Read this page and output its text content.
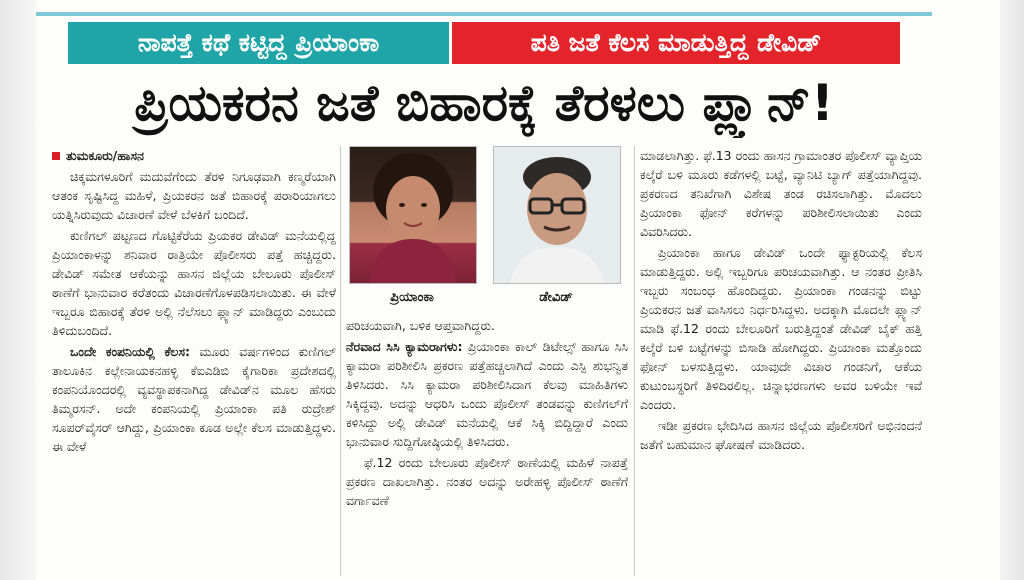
ನಾಪತ್ತೆ ಕಥೆ ಕಟ್ಟಿದ್ದ ಪ್ರಿಯಾಂಕಾ	ಪತಿ ಜತೆ ಕೆಲಸ ಮಾಡುತ್ತಿದ್ದ ಡೇವಿಡ್
ಪ್ರಿಯಕರನ ಜತೆ ಬಿಹಾರಕ್ಕೆ ತೆರಳಲು ಪ್ಲ್ಯಾನ್!
ತುಮಕೂರು/ಹಾಸನ

ಚಿಕ್ಕಮಗಳೂರಿಗೆ ಮದುವೆಗೆಂದು ತೆರಳಿ ನಿಗೂಢವಾಗಿ ಕಣ್ಮರೆಯಾಗಿ ಆತಂಕ ಸೃಷ್ಟಿಸಿದ್ದ ಮಹಿಳೆ, ಪ್ರಿಯಕರನ ಜತೆ ಬಿಹಾರಕ್ಕೆ ಪರಾರಿಯಾಗಲು ಯತ್ನಿಸಿರುವುದು ವಿಚಾರಣೆ ವೇಳೆ ಬೆಳಕಿಗೆ ಬಂದಿದೆ.

ಕುಣಿಗಲ್ ಪಟ್ಟಣದ ಗೊಟ್ಟಿಕೆರೆಯ ಪ್ರಿಯಕರ ಡೇವಿಡ್ ಮನೆಯಲ್ಲಿದ್ದ ಪ್ರಿಯಾಂಕಾಳನ್ನು ಶನಿವಾರ ರಾತ್ರಿಯೇ ಪೊಲೀಸರು ಪತ್ತೆ ಹಚ್ಚಿದ್ದರು. ಡೇವಿಡ್ ಸಮೇತ ಆಕೆಯನ್ನು ಹಾಸನ ಜಿಲ್ಲೆಯ ಬೇಲೂರು ಪೊಲೀಸ್ ಠಾಣೆಗೆ ಭಾನುವಾರ ಕರೆತಂದು ವಿಚಾರಣೆಗೊಳಪಡಿಸಲಾಯಿತು. ಈ ವೇಳೆ ಇಬ್ಬರೂ ಬಿಹಾರಕ್ಕೆ ತೆರಳಿ ಅಲ್ಲಿ ನೆಲೆಸಲು ಪ್ಲ್ಯಾನ್ ಮಾಡಿದ್ದರು ಎಂಬುದು ತಿಳಿದುಬಂದಿದೆ.

ಒಂದೇ ಕಂಪನಿಯಲ್ಲಿ ಕೆಲಸ: ಮೂರು ವರ್ಷಗಳಿಂದ ಕುಣಿಗಲ್ ತಾಲೂಕಿನ ಕಲ್ಲೇನಾಯಕನಹಳ್ಳಿ ಕೆಐಎಡಿಬಿ ಕೈಗಾರಿಕಾ ಪ್ರದೇಶದಲ್ಲಿ ಕಂಪನಿಯೊಂದರಲ್ಲಿ ವ್ಯವಸ್ಥಾಪಕನಾಗಿದ್ದ ಡೇವಿಡ್‌ನ ಮೂಲ ಹೆಸರು ತಿಮ್ಮರಸನ್. ಅದೇ ಕಂಪನಿಯಲ್ಲಿ ಪ್ರಿಯಾಂಕಾ ಪತಿ ರುದ್ರೇಶ್ ಸೂಪರ್‌ವೈಸರ್ ಆಗಿದ್ದು, ಪ್ರಿಯಾಂಕಾ ಕೂಡ ಅಲ್ಲೇ ಕೆಲಸ ಮಾಡುತ್ತಿದ್ದಳು. ಈ ವೇಳೆ

ಪ್ರಿಯಾಂಕಾ	ಡೇವಿಡ್

ಪರಿಚಯವಾಗಿ, ಬಳಿಕ ಆಪ್ತವಾಗಿದ್ದರು.

ನೆರವಾದ ಸಿಸಿ ಕ್ಯಾಮರಾಗಳು: ಪ್ರಿಯಾಂಕಾ ಕಾಲ್ ಡಿಟೇಲ್ಸ್ ಹಾಗೂ ಸಿಸಿ ಕ್ಯಾಮರಾ ಪರಿಶೀಲಿಸಿ ಪ್ರಕರಣ ಪತ್ತೆಹಚ್ಚಲಾಗಿದೆ ಎಂದು ಎಸ್ಪಿ ಶುಭನ್ವಿತ ತಿಳಿಸಿದರು. ಸಿಸಿ ಕ್ಯಾಮರಾ ಪರಿಶೀಲಿಸಿದಾಗ ಕೆಲವು ಮಾಹಿತಿಗಳು ಸಿಕ್ಕಿದ್ದವು. ಅದನ್ನು ಆಧರಿಸಿ ಒಂದು ಪೊಲೀಸ್ ತಂಡವನ್ನು ಕುಣಿಗಲ್‌ಗೆ ಕಳಿಸಿದ್ದು ಅಲ್ಲಿ ಡೇವಿಡ್ ಮನೆಯಲ್ಲಿ ಆಕೆ ಸಿಕ್ಕಿ ಬಿದ್ದಿದ್ದಾರೆ ಎಂದು ಭಾನುವಾರ ಸುದ್ದಿಗೋಷ್ಠಿಯಲ್ಲಿ ತಿಳಿಸಿದರು.

ಫೆ.12 ರಂದು ಬೇಲೂರು ಪೊಲೀಸ್ ಠಾಣೆಯಲ್ಲಿ ಮಹಿಳೆ ನಾಪತ್ತೆ ಪ್ರಕರಣ ದಾಖಲಾಗಿತ್ತು. ನಂತರ ಅದನ್ನು ಅರೇಹಳ್ಳಿ ಪೊಲೀಸ್ ಠಾಣೆಗೆ ವರ್ಗಾವಣೆ

ಮಾಡಲಾಗಿತ್ತು. ಫೆ.13 ರಂದು ಹಾಸನ ಗ್ರಾಮಾಂತರ ಪೊಲೀಸ್ ವ್ಯಾಪ್ತಿಯ ಕಲ್ಕೆರೆ ಬಳಿ ಮೂರು ಕಡೆಗಳಲ್ಲಿ ಬಟ್ಟೆ, ವ್ಯಾನಿಟಿ ಬ್ಯಾಗ್ ಪತ್ತೆಯಾಗಿದ್ದವು. ಪ್ರಕರಣದ ತನಿಖೆಗಾಗಿ ವಿಶೇಷ ತಂಡ ರಚಿಸಲಾಗಿತ್ತು. ಮೊದಲು ಪ್ರಿಯಾಂಕಾ ಫೋನ್ ಕರೆಗಳನ್ನು ಪರಿಶೀಲಿಸಲಾಯಿತು ಎಂದು ವಿವರಿಸಿದರು.

ಪ್ರಿಯಾಂಕಾ ಹಾಗೂ ಡೇವಿಡ್ ಒಂದೇ ಫ್ಯಾಕ್ಟರಿಯಲ್ಲಿ ಕೆಲಸ ಮಾಡುತ್ತಿದ್ದರು. ಅಲ್ಲಿ ಇಬ್ಬರಿಗೂ ಪರಿಚಯವಾಗಿತ್ತು. ಆ ನಂತರ ಪ್ರೀತಿಸಿ ಇಬ್ಬರು ಸಂಬಂಧ ಹೊಂದಿದ್ದರು. ಪ್ರಿಯಾಂಕಾ ಗಂಡನನ್ನು ಬಿಟ್ಟು ಪ್ರಿಯಕರನ ಜತೆ ವಾಸಿಸಲು ನಿರ್ಧರಿಸಿದ್ದಳು. ಅದಕ್ಕಾಗಿ ಮೊದಲೇ ಪ್ಲ್ಯಾನ್ ಮಾಡಿ ಫೆ.12 ರಂದು ಬೇಲೂರಿಗೆ ಬರುತ್ತಿದ್ದಂತೆ ಡೇವಿಡ್ ಬೈಕ್ ಹತ್ತಿ ಕಲ್ಕೆರೆ ಬಳಿ ಬಟ್ಟೆಗಳನ್ನು ಬಿಸಾಡಿ ಹೋಗಿದ್ದರು. ಪ್ರಿಯಾಂಕಾ ಮತ್ತೊಂದು ಫೋನ್ ಬಳಸುತ್ತಿದ್ದಳು. ಯಾವುದೇ ವಿಚಾರ ಗಂಡನಿಗೆ, ಆಕೆಯ ಕುಟುಂಬಸ್ಥರಿಗೆ ತಿಳಿದಿರಲಿಲ್ಲ. ಚಿನ್ನಾಭರಣಗಳು ಅವರ ಬಳಿಯೇ ಇವೆ ಎಂದರು.

ಇಡೀ ಪ್ರಕರಣ ಭೇದಿಸಿದ ಹಾಸನ ಜಿಲ್ಲೆಯ ಪೊಲೀಸರಿಗೆ ಅಭಿನಂದನೆ ಜತೆಗೆ ಬಹುಮಾನ ಘೋಷಣೆ ಮಾಡಿದರು.
